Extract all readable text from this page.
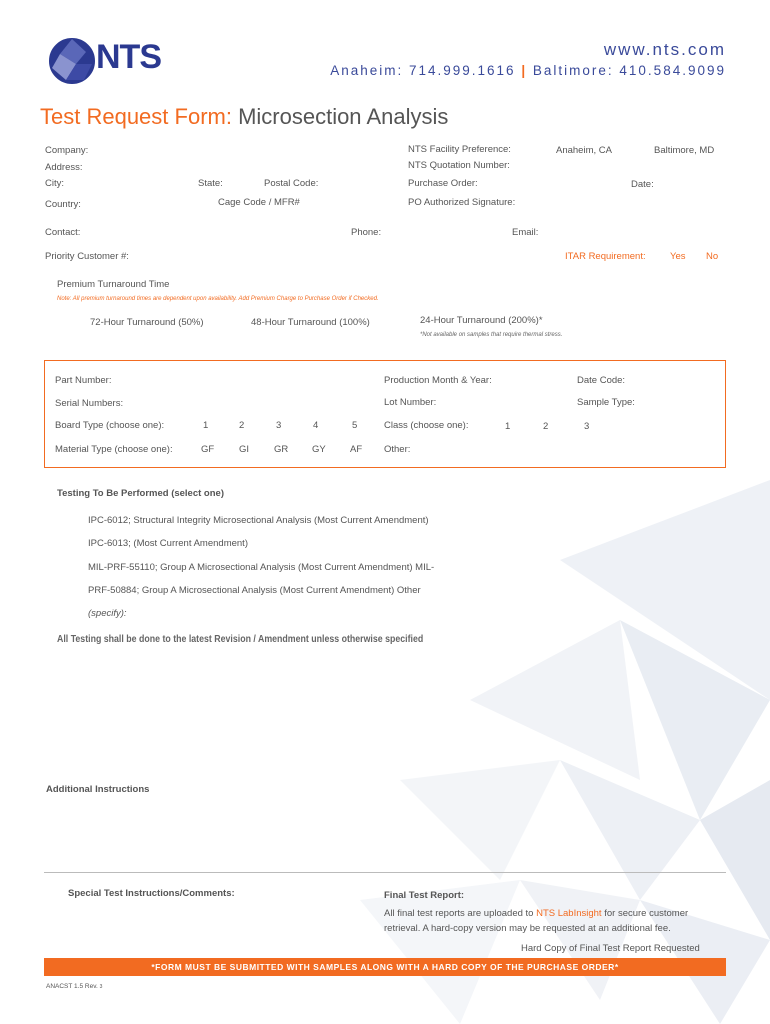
NTS	www.nts.com
Anaheim: 714.999.1616 | Baltimore: 410.584.9099
Test Request Form: Microsection Analysis
Company:
Address:
City:	State:	Postal Code:
Country:	Cage Code / MFR#
NTS Facility Preference:	Anaheim, CA	Baltimore, MD
NTS Quotation Number:
Purchase Order:	Date:
PO Authorized Signature:
Contact:	Phone:	Email:
Priority Customer #:	ITAR Requirement:	Yes No
Premium Turnaround Time
Note: All premium turnaround times are dependent upon availability. Add Premium Charge to Purchase Order if Checked.
72-Hour Turnaround (50%)	48-Hour Turnaround (100%)	24-Hour Turnaround (200%)*
*Not available on samples that require thermal stress.
Part Number:	Production Month & Year:	Date Code:
Serial Numbers:	Lot Number:	Sample Type:
Board Type (choose one):	1	2	3	4	5	Class (choose one):	1	2	3
Material Type (choose one):	GF	GI	GR	GY	AF Other:
Testing To Be Performed (select one)
IPC-6012; Structural Integrity Microsectional Analysis (Most Current Amendment)
IPC-6013; (Most Current Amendment)
MIL-PRF-55110; Group A Microsectional Analysis (Most Current Amendment) MIL-
PRF-50884; Group A Microsectional Analysis (Most Current Amendment) Other
(specify):
All Testing shall be done to the latest Revision / Amendment unless otherwise specified
Additional Instructions
Special Test Instructions/Comments:	Final Test Report:
All final test reports are uploaded to NTS LabInsight for secure customer
retrieval. A hard-copy version may be requested at an additional fee.
Hard Copy of Final Test Report Requested
*FORM MUST BE SUBMITTED WITH SAMPLES ALONG WITH A HARD COPY OF THE PURCHASE ORDER*
ANACST 1.5 Rev. 3
